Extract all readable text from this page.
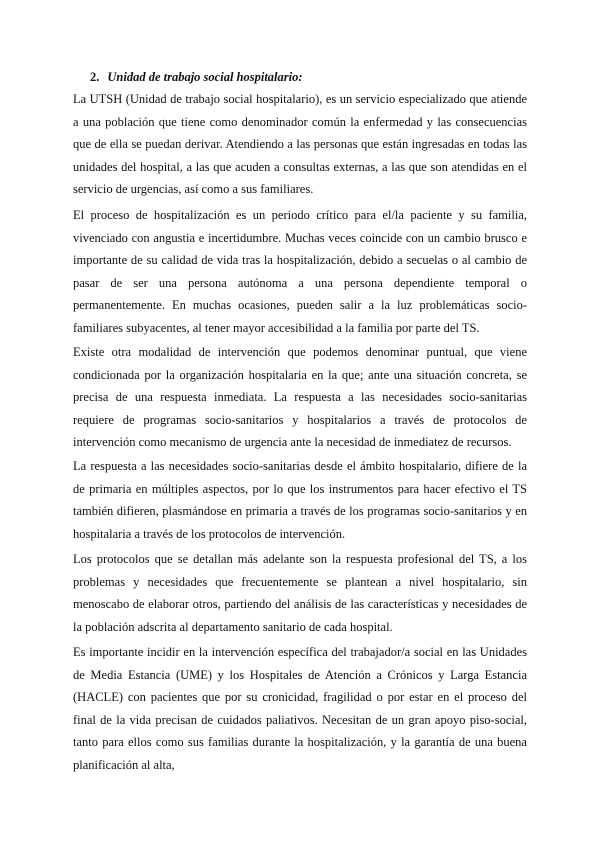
2. Unidad de trabajo social hospitalario:

La UTSH (Unidad de trabajo social hospitalario), es un servicio especializado que atiende a una población que tiene como denominador común la enfermedad y las consecuencias que de ella se puedan derivar. Atendiendo a las personas que están ingresadas en todas las unidades del hospital, a las que acuden a consultas externas, a las que son atendidas en el servicio de urgencias, así como a sus familiares.

El proceso de hospitalización es un periodo crítico para el/la paciente y su familia, vivenciado con angustia e incertidumbre. Muchas veces coincide con un cambio brusco e importante de su calidad de vida tras la hospitalización, debido a secuelas o al cambio de pasar de ser una persona autónoma a una persona dependiente temporal o permanentemente. En muchas ocasiones, pueden salir a la luz problemáticas socio-familiares subyacentes, al tener mayor accesibilidad a la familia por parte del TS.

Existe otra modalidad de intervención que podemos denominar puntual, que viene condicionada por la organización hospitalaria en la que; ante una situación concreta, se precisa de una respuesta inmediata. La respuesta a las necesidades socio-sanitarias requiere de programas socio-sanitarios y hospitalarios a través de protocolos de intervención como mecanismo de urgencia ante la necesidad de inmediatez de recursos.

La respuesta a las necesidades socio-sanitarias desde el ámbito hospitalario, difiere de la de primaria en múltiples aspectos, por lo que los instrumentos para hacer efectivo el TS también difieren, plasmándose en primaria a través de los programas socio-sanitarios y en hospitalaria a través de los protocolos de intervención.

Los protocolos que se detallan más adelante son la respuesta profesional del TS, a los problemas y necesidades que frecuentemente se plantean a nivel hospitalario, sin menoscabo de elaborar otros, partiendo del análisis de las características y necesidades de la población adscrita al departamento sanitario de cada hospital.

Es importante incidir en la intervención específica del trabajador/a social en las Unidades de Media Estancia (UME) y los Hospitales de Atención a Crónicos y Larga Estancia (HACLE) con pacientes que por su cronicidad, fragilidad o por estar en el proceso del final de la vida precisan de cuidados paliativos. Necesitan de un gran apoyo piso-social, tanto para ellos como sus familias durante la hospitalización, y la garantía de una buena planificación al alta,
